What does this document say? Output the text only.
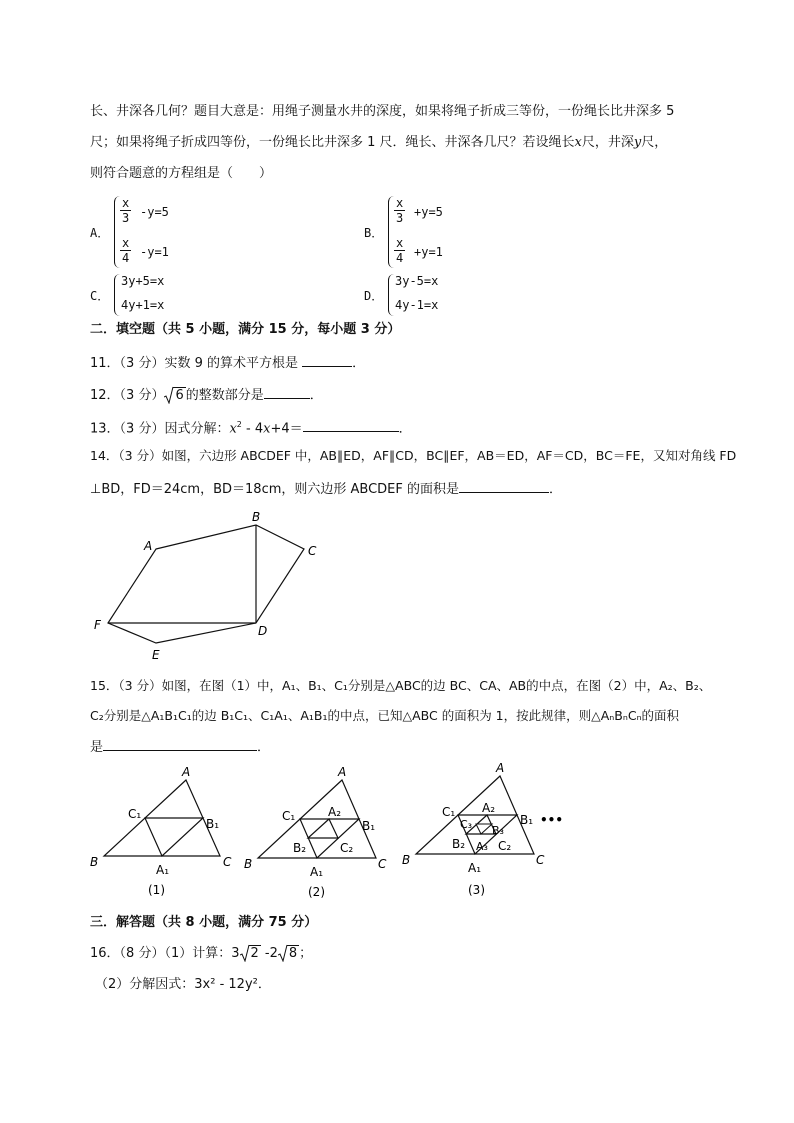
长、井深各几何？题目大意是：用绳子测量水井的深度，如果将绳子折成三等份，一份绳长比井深多 5
尺；如果将绳子折成四等份，一份绳长比井深多 1 尺．绳长、井深各几尺？若设绳长x尺，井深y尺，
则符合题意的方程组是（　　）
A．
$\frac{x}{3} -y=5$
$\frac{x}{4} -y=1$
B．
$\frac{x}{3} +y=5$
$\frac{x}{4} +y=1$
C．
3y+5=x
4y+1=x
D．
3y-5=x
4y-1=x
二．填空题（共 5 小题，满分 15 分，每小题 3 分）
11．（3 分）实数 9 的算术平方根是	．
12．（3 分） 6 的整数部分是	．
13．（3 分）因式分解：$x^2 - 4x+4=$	．
14．（3 分）如图，六边形 ABCDEF 中，AB∥ED，AF∥CD，BC∥EF，AB＝ED，AF＝CD，BC＝FE，又知对角线 FD
⊥BD，FD＝24cm，BD＝18cm，则六边形 ABCDEF 的面积是	．
A
B
C
D
E
F
15．（3 分）如图，在图（1）中，A₁、B₁、C₁分别是△ABC的边 BC、CA、AB的中点，在图（2）中，A₂、B₂、
C₂分别是△A₁B₁C₁的边 B₁C₁、C₁A₁、A₁B₁的中点，已知△ABC 的面积为 1，按此规律，则△AₙBₙCₙ的面积
是	．
A
B	C
C₁
B₁
A₁
(1)
A
B	C
C₁
B₁
A₂
B₂	C₂
A₁
(2)
A
B	C
C₁
B₁
A₂
C₃ B₃
B₂ A₃ C₂
A₁
•••
(3)
三．解答题（共 8 小题，满分 75 分）
16．（8 分）（1）计算：3 2 -2 8 ；
（2）分解因式：3x² - 12y²．
